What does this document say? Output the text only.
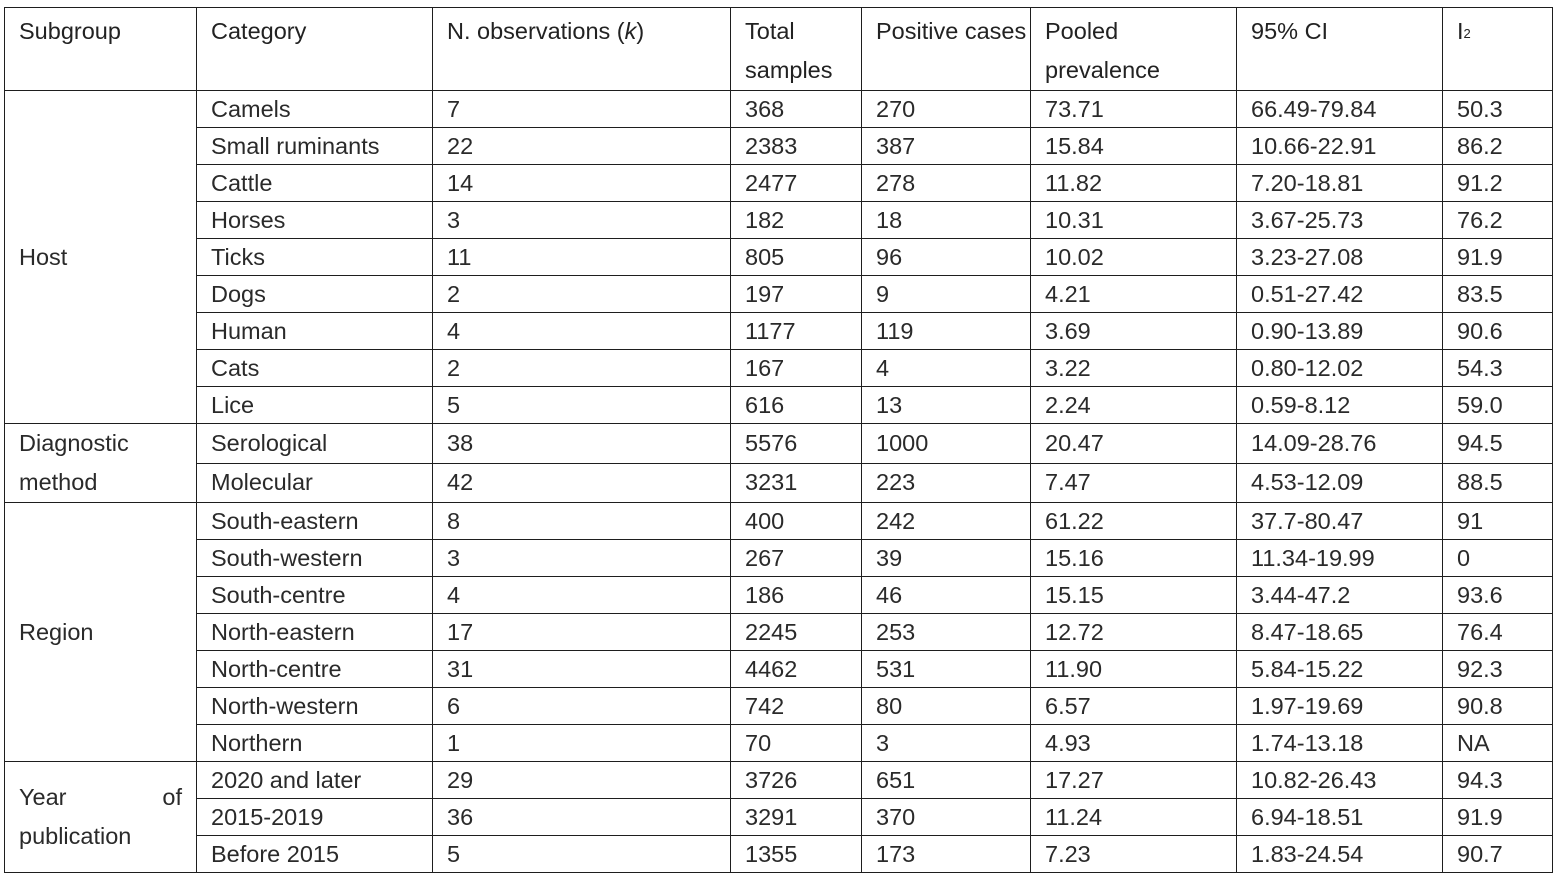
Subgroup	Category	N. observations (k)	Total samples	Positive cases	Pooled prevalence	95% CI	$I^2$
Host	Camels	7	368	270	73.71	66.49-79.84	50.3
	Small ruminants	22	2383	387	15.84	10.66-22.91	86.2
	Cattle	14	2477	278	11.82	7.20-18.81	91.2
	Horses	3	182	18	10.31	3.67-25.73	76.2
	Ticks	11	805	96	10.02	3.23-27.08	91.9
	Dogs	2	197	9	4.21	0.51-27.42	83.5
	Human	4	1177	119	3.69	0.90-13.89	90.6
	Cats	2	167	4	3.22	0.80-12.02	54.3
	Lice	5	616	13	2.24	0.59-8.12	59.0
Diagnostic method	Serological	38	5576	1000	20.47	14.09-28.76	94.5
	Molecular	42	3231	223	7.47	4.53-12.09	88.5
Region	South-eastern	8	400	242	61.22	37.7-80.47	91
	South-western	3	267	39	15.16	11.34-19.99	0
	South-centre	4	186	46	15.15	3.44-47.2	93.6
	North-eastern	17	2245	253	12.72	8.47-18.65	76.4
	North-centre	31	4462	531	11.90	5.84-15.22	92.3
	North-western	6	742	80	6.57	1.97-19.69	90.8
	Northern	1	70	3	4.93	1.74-13.18	NA

Year of
publication	2020 and later	29	3726	651	17.27	10.82-26.43	94.3
	2015-2019	36	3291	370	11.24	6.94-18.51	91.9
	Before 2015	5	1355	173	7.23	1.83-24.54	90.7
